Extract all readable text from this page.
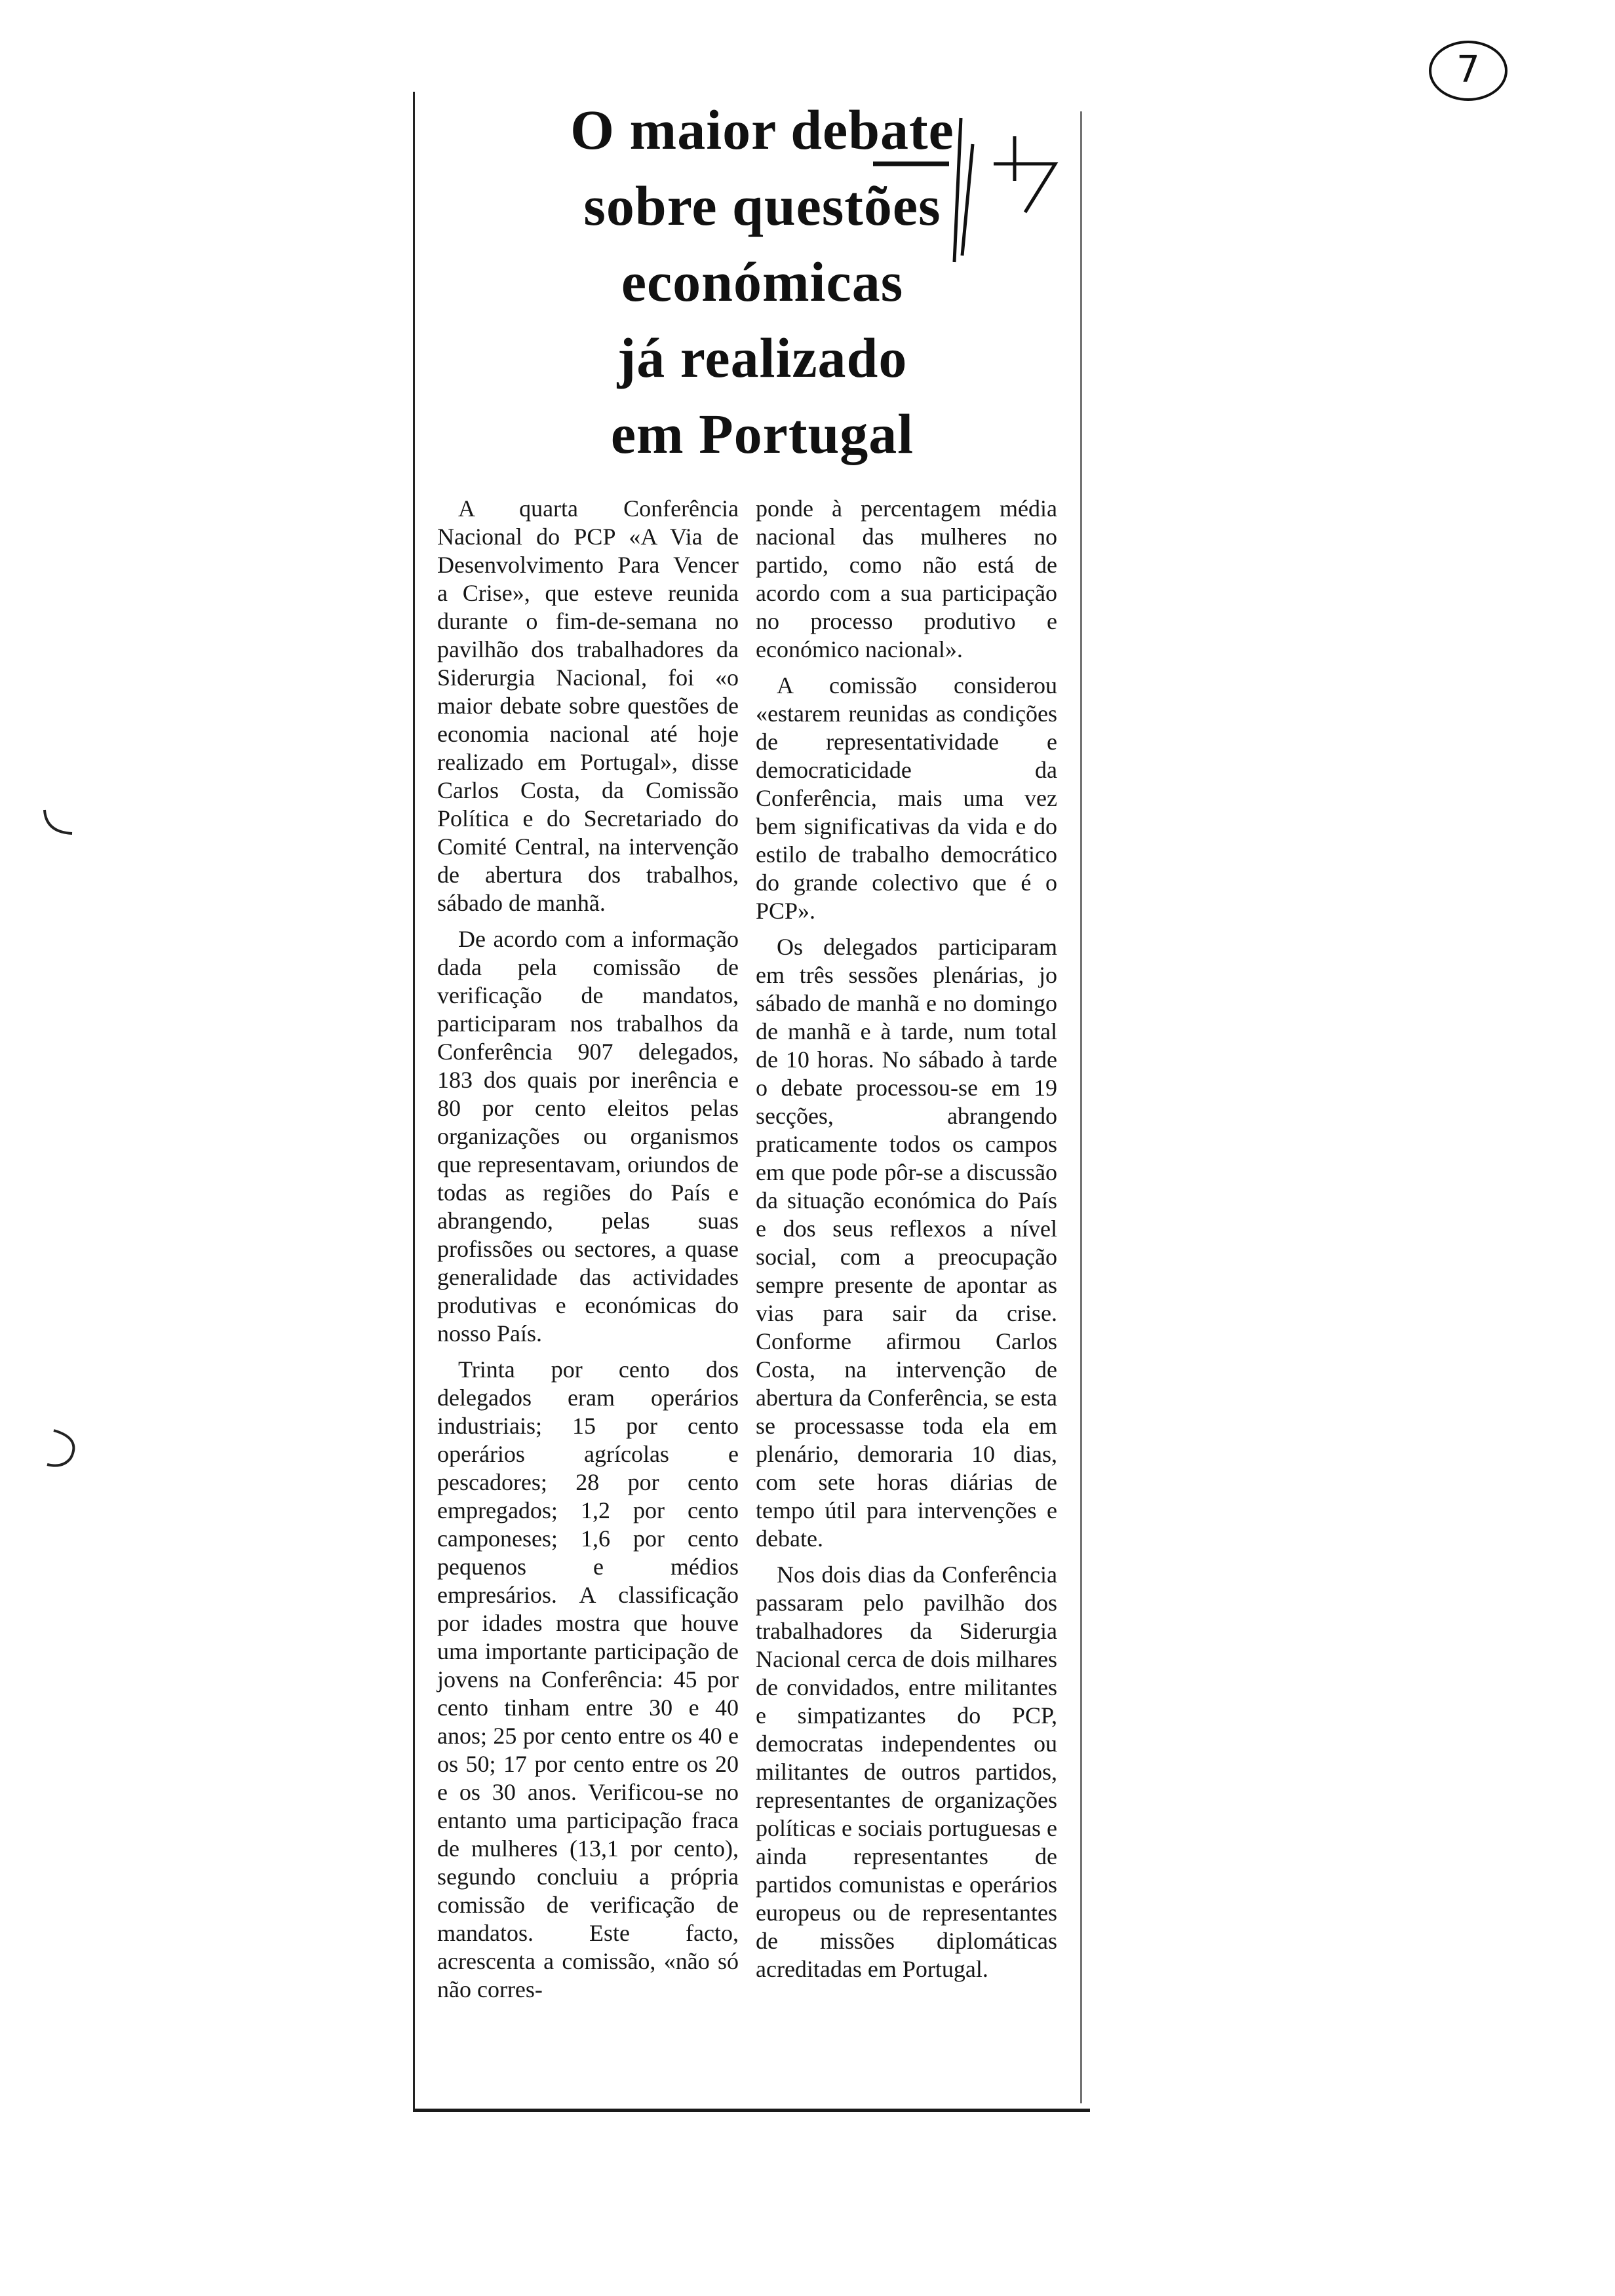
7
O maior debate
sobre questões
económicas
já realizado
em Portugal

A quarta Conferência Nacional do PCP «A Via de Desenvolvimento Para Vencer a Crise», que esteve reunida durante o fim-de-semana no pavilhão dos trabalhadores da Siderurgia Nacional, foi «o maior debate sobre questões de economia nacional até hoje realizado em Portugal», disse Carlos Costa, da Comissão Política e do Secretariado do Comité Central, na intervenção de abertura dos trabalhos, sábado de manhã.

De acordo com a informação dada pela comissão de verificação de mandatos, participaram nos trabalhos da Conferência 907 delegados, 183 dos quais por inerência e 80 por cento eleitos pelas organizações ou organismos que representavam, oriundos de todas as regiões do País e abrangendo, pelas suas profissões ou sectores, a quase generalidade das actividades produtivas e económicas do nosso País.

Trinta por cento dos delegados eram operários industriais; 15 por cento operários agrícolas e pescadores; 28 por cento empregados; 1,2 por cento camponeses; 1,6 por cento pequenos e médios empresários. A classificação por idades mostra que houve uma importante participação de jovens na Conferência: 45 por cento tinham entre 30 e 40 anos; 25 por cento entre os 40 e os 50; 17 por cento entre os 20 e os 30 anos. Verificou-se no entanto uma participação fraca de mulheres (13,1 por cento), segundo concluiu a própria comissão de verificação de mandatos. Este facto, acrescenta a comissão, «não só não corres-

ponde à percentagem média nacional das mulheres no partido, como não está de acordo com a sua participação no processo produtivo e económico nacional».

A comissão considerou «estarem reunidas as condições de representatividade e democraticidade da Conferência, mais uma vez bem significativas da vida e do estilo de trabalho democrático do grande colectivo que é o PCP».

Os delegados participaram em três sessões plenárias, jo sábado de manhã e no domingo de manhã e à tarde, num total de 10 horas. No sábado à tarde o debate processou-se em 19 secções, abrangendo praticamente todos os campos em que pode pôr-se a discussão da situação económica do País e dos seus reflexos a nível social, com a preocupação sempre presente de apontar as vias para sair da crise. Conforme afirmou Carlos Costa, na intervenção de abertura da Conferência, se esta se processasse toda ela em plenário, demoraria 10 dias, com sete horas diárias de tempo útil para intervenções e debate.

Nos dois dias da Conferência passaram pelo pavilhão dos trabalhadores da Siderurgia Nacional cerca de dois milhares de convidados, entre militantes e simpatizantes do PCP, democratas independentes ou militantes de outros partidos, representantes de organizações políticas e sociais portuguesas e ainda representantes de partidos comunistas e operários europeus ou de representantes de missões diplomáticas acreditadas em Portugal.
